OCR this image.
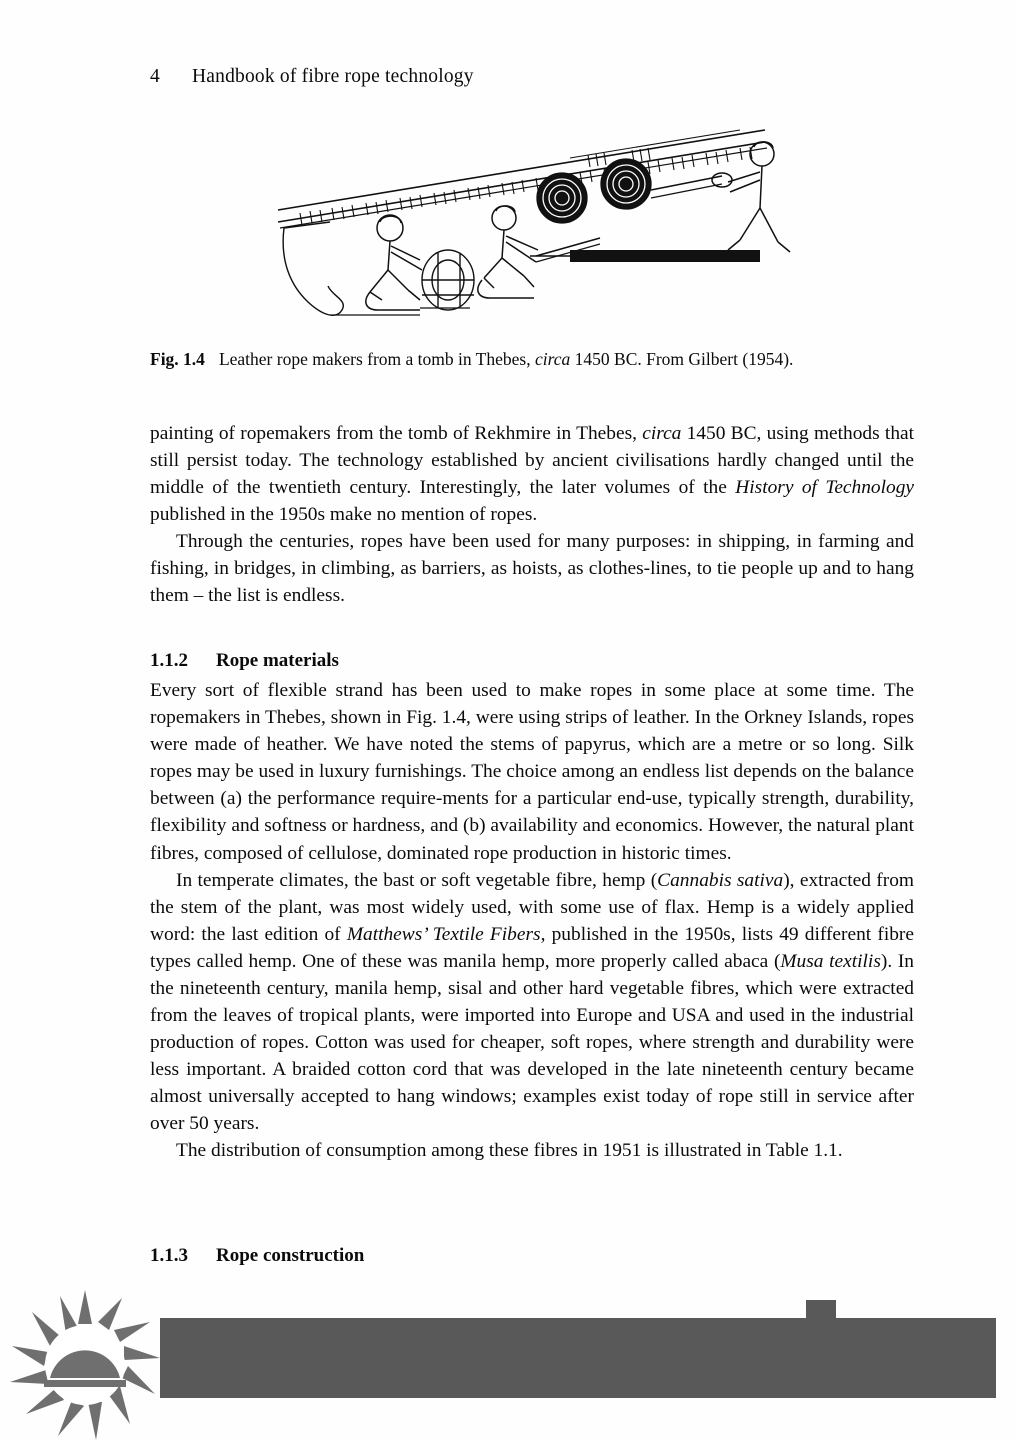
4 Handbook of fibre rope technology
Fig. 1.4 Leather rope makers from a tomb in Thebes, circa 1450 BC. From Gilbert (1954).

painting of ropemakers from the tomb of Rekhmire in Thebes, circa 1450 BC, using methods that still persist today. The technology established by ancient civilisations hardly changed until the middle of the twentieth century. Interestingly, the later volumes of the History of Technology published in the 1950s make no mention of ropes.

Through the centuries, ropes have been used for many purposes: in shipping, in farming and fishing, in bridges, in climbing, as barriers, as hoists, as clothes-lines, to tie people up and to hang them – the list is endless.

1.1.2 Rope materials

Every sort of flexible strand has been used to make ropes in some place at some time. The ropemakers in Thebes, shown in Fig. 1.4, were using strips of leather. In the Orkney Islands, ropes were made of heather. We have noted the stems of papyrus, which are a metre or so long. Silk ropes may be used in luxury furnishings. The choice among an endless list depends on the balance between (a) the performance require-ments for a particular end-use, typically strength, durability, flexibility and softness or hardness, and (b) availability and economics. However, the natural plant fibres, composed of cellulose, dominated rope production in historic times.

In temperate climates, the bast or soft vegetable fibre, hemp (Cannabis sativa), extracted from the stem of the plant, was most widely used, with some use of flax. Hemp is a widely applied word: the last edition of Matthews’ Textile Fibers, published in the 1950s, lists 49 different fibre types called hemp. One of these was manila hemp, more properly called abaca (Musa textilis). In the nineteenth century, manila hemp, sisal and other hard vegetable fibres, which were extracted from the leaves of tropical plants, were imported into Europe and USA and used in the industrial production of ropes. Cotton was used for cheaper, soft ropes, where strength and durability were less important. A braided cotton cord that was developed in the late nineteenth century became almost universally accepted to hang windows; examples exist today of rope still in service after over 50 years.

The distribution of consumption among these fibres in 1951 is illustrated in Table 1.1.

1.1.3 Rope construction
